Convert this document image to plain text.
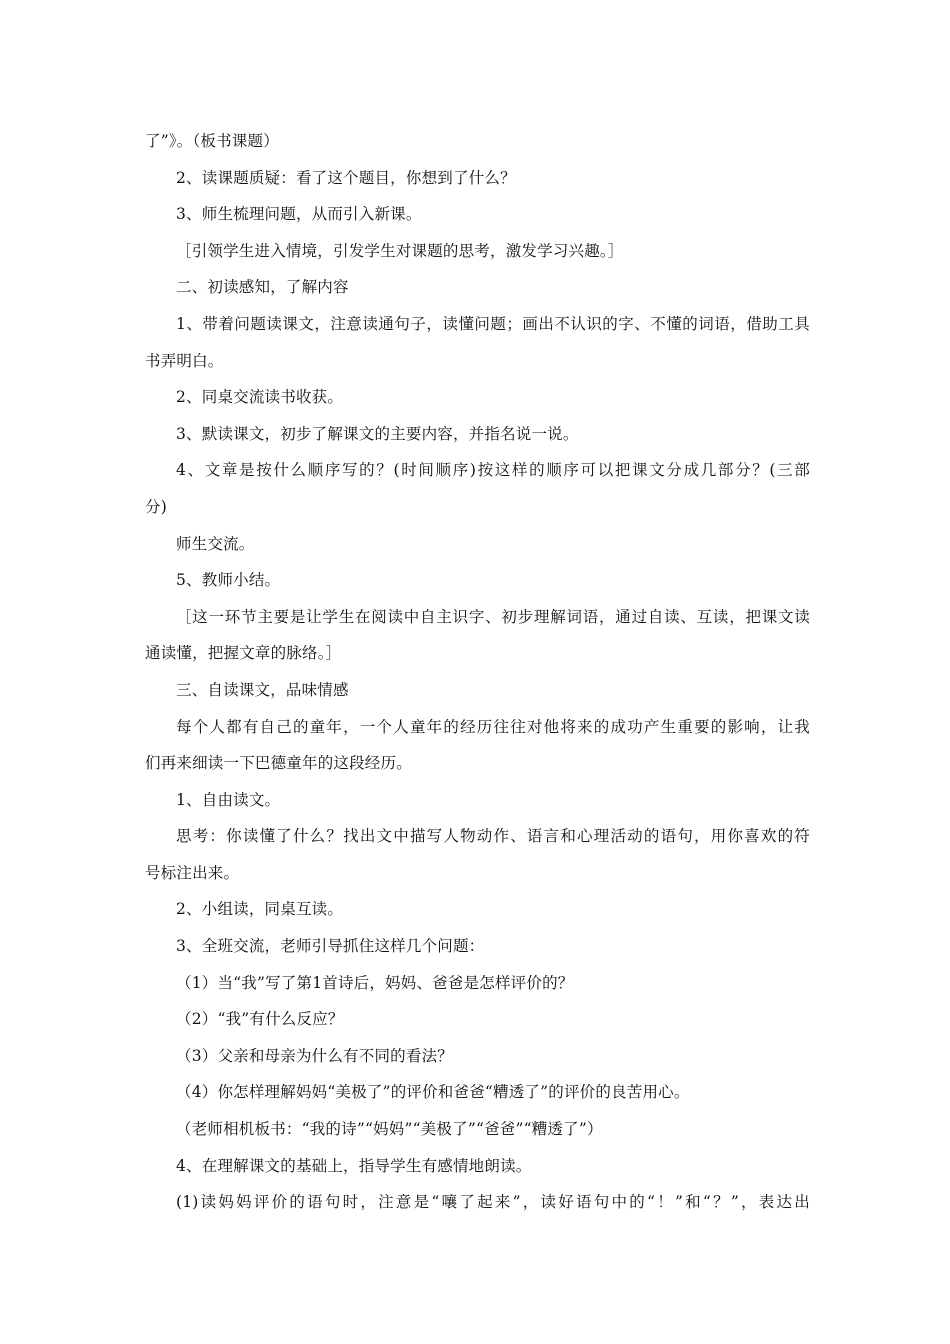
了”》。（板书课题）
2、读课题质疑：看了这个题目，你想到了什么？
3、师生梳理问题，从而引入新课。
［引领学生进入情境，引发学生对课题的思考，激发学习兴趣。］
二、初读感知，了解内容
1、带着问题读课文，注意读通句子，读懂问题；画出不认识的字、不懂的词语，借助工具
书弄明白。
2、同桌交流读书收获。
3、默读课文，初步了解课文的主要内容，并指名说一说。
4、文章是按什么顺序写的？(时间顺序)按这样的顺序可以把课文分成几部分？(三部
分)
师生交流。
5、教师小结。
［这一环节主要是让学生在阅读中自主识字、初步理解词语，通过自读、互读，把课文读
通读懂，把握文章的脉络。］
三、自读课文，品味情感
每个人都有自己的童年，一个人童年的经历往往对他将来的成功产生重要的影响，让我
们再来细读一下巴德童年的这段经历。
1、自由读文。
思考：你读懂了什么？找出文中描写人物动作、语言和心理活动的语句，用你喜欢的符
号标注出来。
2、小组读，同桌互读。
3、全班交流，老师引导抓住这样几个问题：
（1）当“我”写了第1首诗后，妈妈、爸爸是怎样评价的？
（2）“我”有什么反应？
（3）父亲和母亲为什么有不同的看法？
（4）你怎样理解妈妈“美极了”的评价和爸爸“糟透了”的评价的良苦用心。
（老师相机板书：“我的诗”“妈妈”“美极了”“爸爸”“糟透了”）
4、在理解课文的基础上，指导学生有感情地朗读。
(1)读妈妈评价的语句时，注意是“嚷了起来”，读好语句中的“！”和“？”，表达出
